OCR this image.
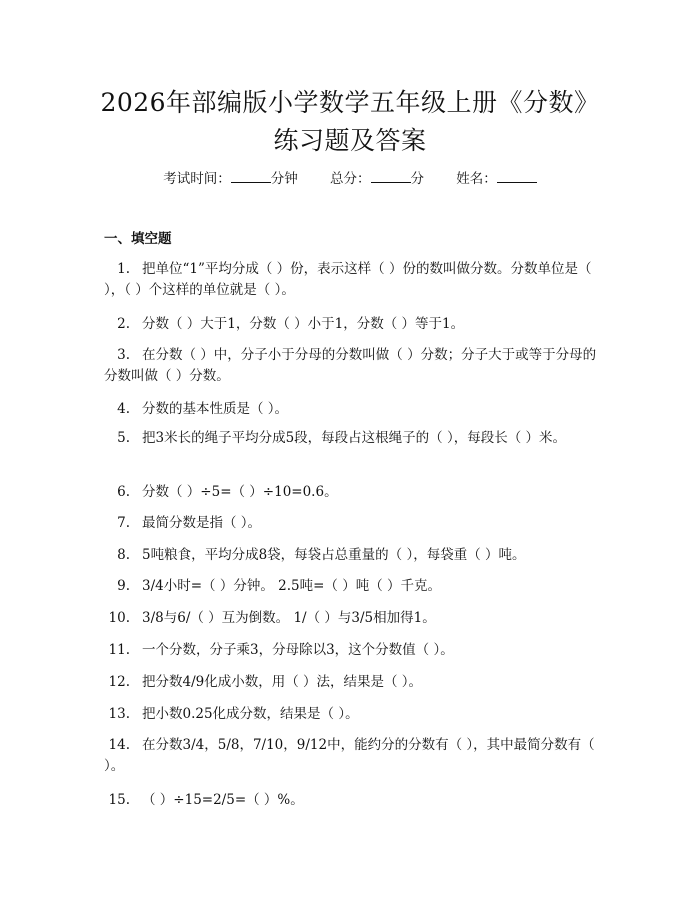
2026年部编版小学数学五年级上册《分数》
练习题及答案
考试时间：	分钟 总分：	分 姓名：
一、填空题
1. 把单位“1”平均分成（ ）份，表示这样（ ）份的数叫做分数。分数单位是（ ），（ ）个这样的单位就是（ ）。
2. 分数（ ）大于1，分数（ ）小于1，分数（ ）等于1。
3. 在分数（ ）中，分子小于分母的分数叫做（ ）分数；分子大于或等于分母的分数叫做（ ）分数。
4. 分数的基本性质是（ ）。
5. 把3米长的绳子平均分成5段，每段占这根绳子的（ ），每段长（ ）米。
6. 分数（ ）÷5=（ ）÷10=0.6。
7. 最简分数是指（ ）。
8. 5吨粮食，平均分成8袋，每袋占总重量的（ ），每袋重（ ）吨。
9. 3/4小时=（ ）分钟。 2.5吨=（ ）吨（ ）千克。
10. 3/8与6/（ ）互为倒数。 1/（ ）与3/5相加得1。
11. 一个分数，分子乘3，分母除以3，这个分数值（ ）。
12. 把分数4/9化成小数，用（ ）法，结果是（ ）。
13. 把小数0.25化成分数，结果是（ ）。
14. 在分数3/4，5/8，7/10，9/12中，能约分的分数有（ ），其中最简分数有（ ）。
15. （ ）÷15=2/5=（ ）%。
